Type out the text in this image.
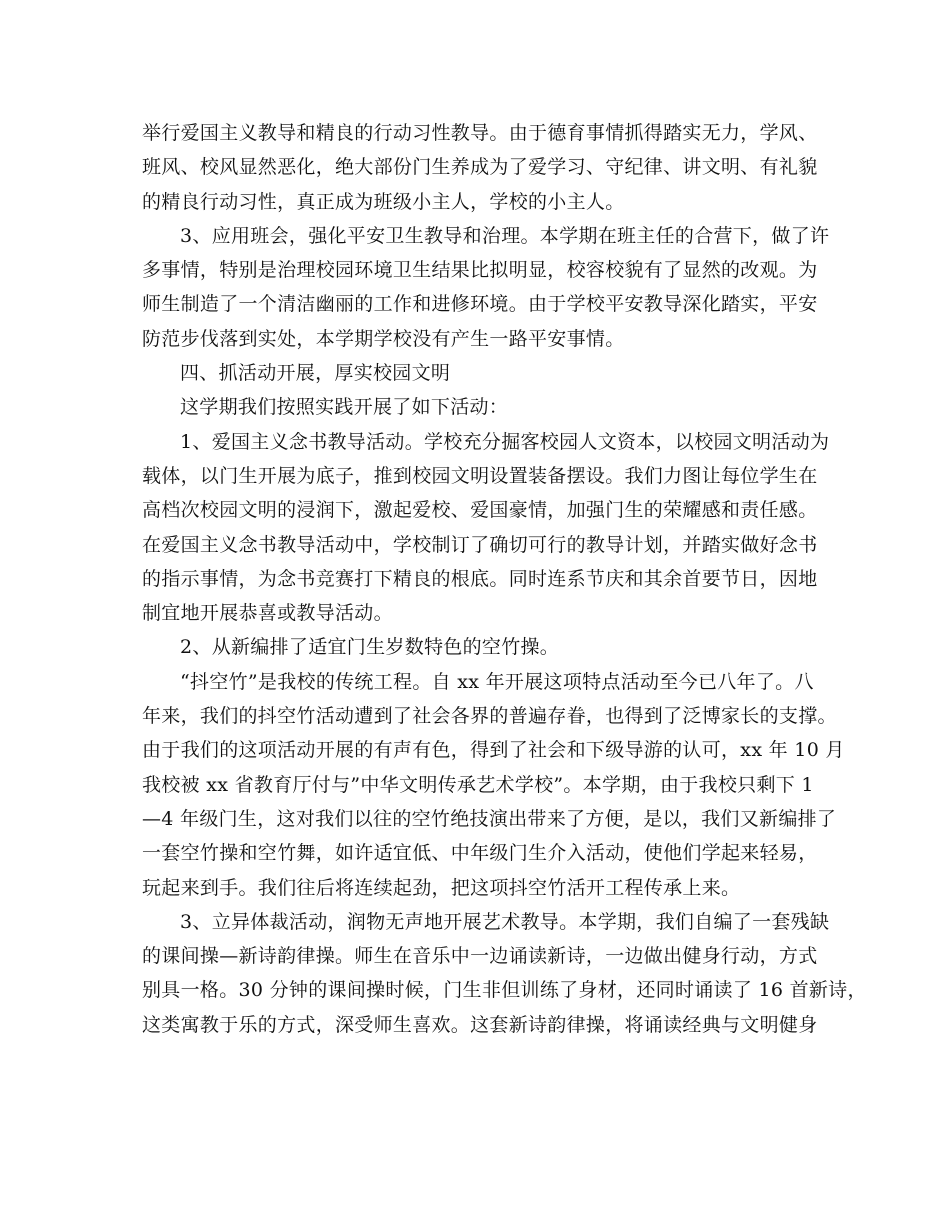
举行爱国主义教导和精良的行动习性教导。由于德育事情抓得踏实无力，学风、
班风、校风显然恶化，绝大部份门生养成为了爱学习、守纪律、讲文明、有礼貌
的精良行动习性，真正成为班级小主人，学校的小主人。
3、应用班会，强化平安卫生教导和治理。本学期在班主任的合营下，做了许
多事情，特别是治理校园环境卫生结果比拟明显，校容校貌有了显然的改观。为
师生制造了一个清洁幽丽的工作和进修环境。由于学校平安教导深化踏实，平安
防范步伐落到实处，本学期学校没有产生一路平安事情。
四、抓活动开展，厚实校园文明
这学期我们按照实践开展了如下活动：
1、爱国主义念书教导活动。学校充分掘客校园人文资本，以校园文明活动为
载体，以门生开展为底子，推到校园文明设置装备摆设。我们力图让每位学生在
高档次校园文明的浸润下，激起爱校、爱国豪情，加强门生的荣耀感和责任感。
在爱国主义念书教导活动中，学校制订了确切可行的教导计划，并踏实做好念书
的指示事情，为念书竞赛打下精良的根底。同时连系节庆和其余首要节日，因地
制宜地开展恭喜或教导活动。
2、从新编排了适宜门生岁数特色的空竹操。
“抖空竹”是我校的传统工程。自 xx 年开展这项特点活动至今已八年了。八
年来，我们的抖空竹活动遭到了社会各界的普遍存眷，也得到了泛博家长的支撑。
由于我们的这项活动开展的有声有色，得到了社会和下级导游的认可，xx 年 10 月
我校被 xx 省教育厅付与”中华文明传承艺术学校”。本学期，由于我校只剩下 1
—4 年级门生，这对我们以往的空竹绝技演出带来了方便，是以，我们又新编排了
一套空竹操和空竹舞，如许适宜低、中年级门生介入活动，使他们学起来轻易，
玩起来到手。我们往后将连续起劲，把这项抖空竹活开工程传承上来。
3、立异体裁活动，润物无声地开展艺术教导。本学期，我们自编了一套残缺
的课间操—新诗韵律操。师生在音乐中一边诵读新诗，一边做出健身行动，方式
别具一格。30 分钟的课间操时候，门生非但训练了身材，还同时诵读了 16 首新诗，
这类寓教于乐的方式，深受师生喜欢。这套新诗韵律操，将诵读经典与文明健身
